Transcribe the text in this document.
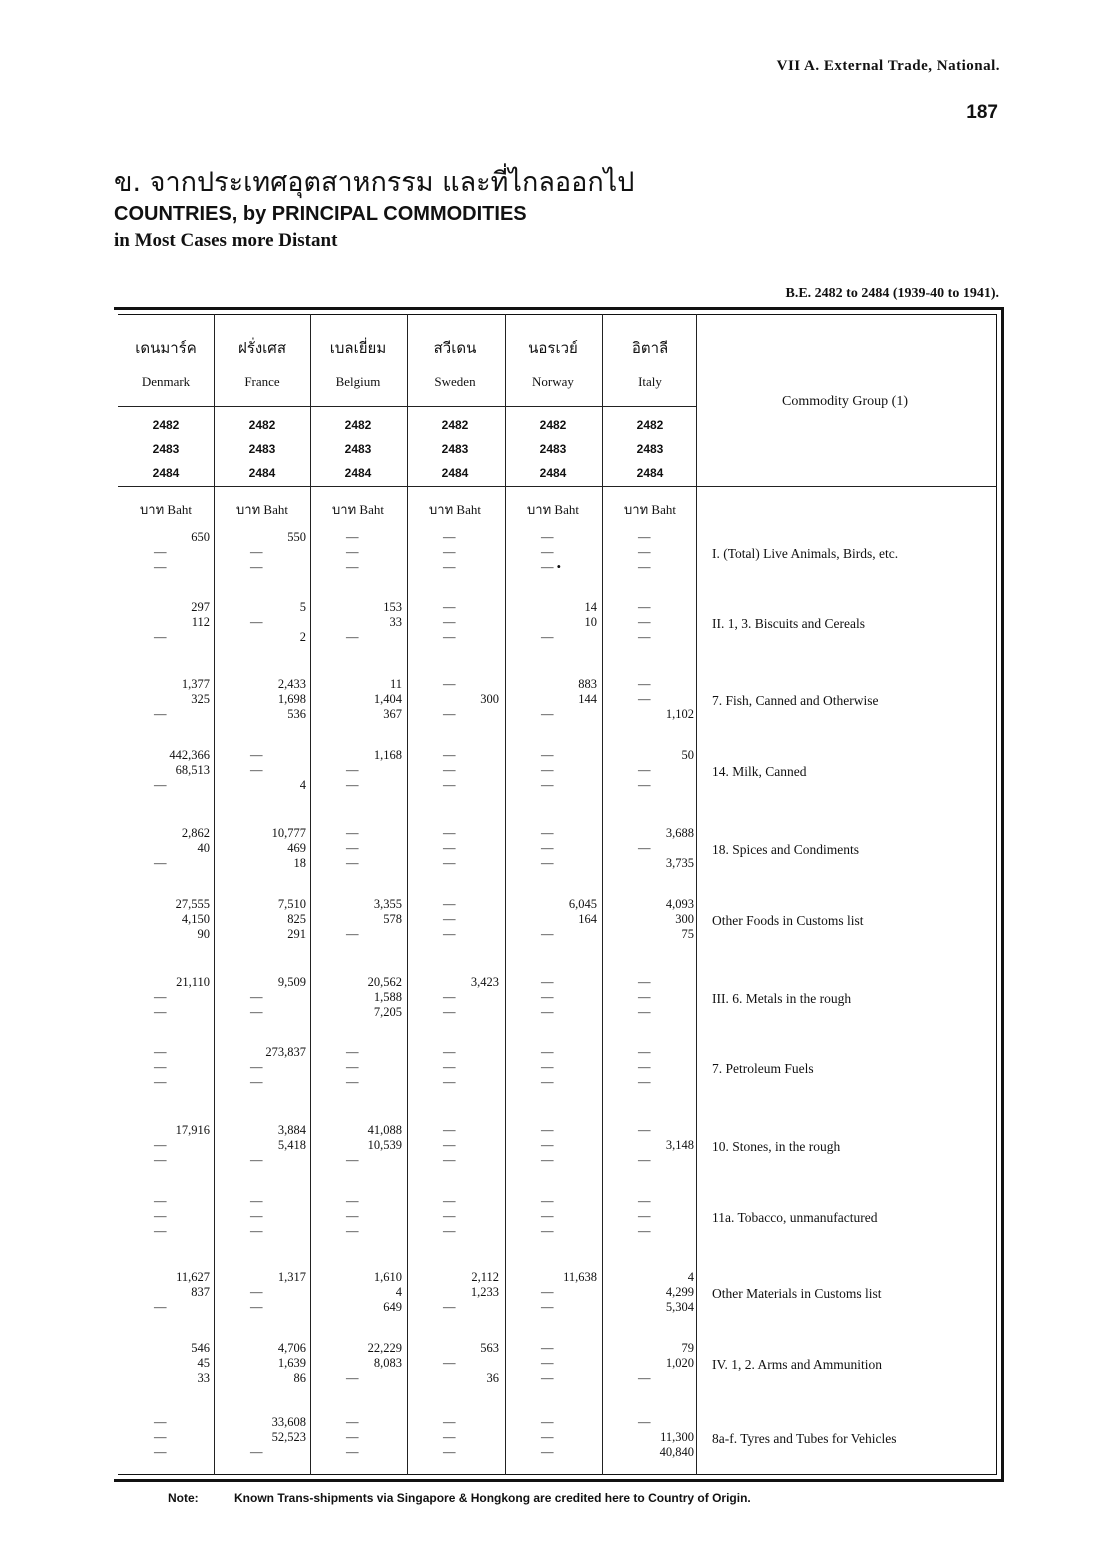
VII A. External Trade, National.
187
ข. จากประเทศอุตสาหกรรม และที่ไกลออกไป
COUNTRIES, by PRINCIPAL COMMODITIES
in Most Cases more Distant
B.E. 2482 to 2484 (1939-40 to 1941).
เดนมาร์ค
Denmark
2482
2483
2484
บาท Baht
ฝรั่งเศส
France
2482
2483
2484
บาท Baht
เบลเยี่ยม
Belgium
2482
2483
2484
บาท Baht
สวีเดน
Sweden
2482
2483
2484
บาท Baht
นอรเวย์
Norway
2482
2483
2484
บาท Baht
อิตาลี
Italy
2482
2483
2484
บาท Baht
650
—
—
550
—
—
—
—
—
—
—
—
—
—
— •
—
—
—
I. (Total) Live Animals, Birds, etc.
297
112
—
5
—
2
153
33
—
—
—
—
14
10
—
—
—
—
II. 1, 3. Biscuits and Cereals
1,377
325
—
2,433
1,698
536
11
1,404
367
—
300
—
883
144
—
—
—
1,102
7. Fish, Canned and Otherwise
442,366
68,513
—
—
—
4
1,168
—
—
—
—
—
—
—
—
50
—
—
14. Milk, Canned
2,862
40
—
10,777
469
18
—
—
—
—
—
—
—
—
—
3,688
—
3,735
18. Spices and Condiments
27,555
4,150
90
7,510
825
291
3,355
578
—
—
—
—
6,045
164
—
4,093
300
75
Other Foods in Customs list
21,110
—
—
9,509
—
—
20,562
1,588
7,205
3,423
—
—
—
—
—
—
—
—
III. 6. Metals in the rough
—
—
—
273,837
—
—
—
—
—
—
—
—
—
—
—
—
—
—
7. Petroleum Fuels
17,916
—
—
3,884
5,418
—
41,088
10,539
—
—
—
—
—
—
—
—
3,148
—
10. Stones, in the rough
—
—
—
—
—
—
—
—
—
—
—
—
—
—
—
—
—
—
11a. Tobacco, unmanufactured
11,627
837
—
1,317
—
—
1,610
4
649
2,112
1,233
—
11,638
—
—
4
4,299
5,304
Other Materials in Customs list
546
45
33
4,706
1,639
86
22,229
8,083
—
563
—
36
—
—
—
79
1,020
—
IV. 1, 2. Arms and Ammunition
—
—
—
33,608
52,523
—
—
—
—
—
—
—
—
—
—
—
11,300
40,840
8a-f. Tyres and Tubes for Vehicles
Commodity Group (1)
Note:	Known Trans-shipments via Singapore & Hongkong are credited here to Country of Origin.
